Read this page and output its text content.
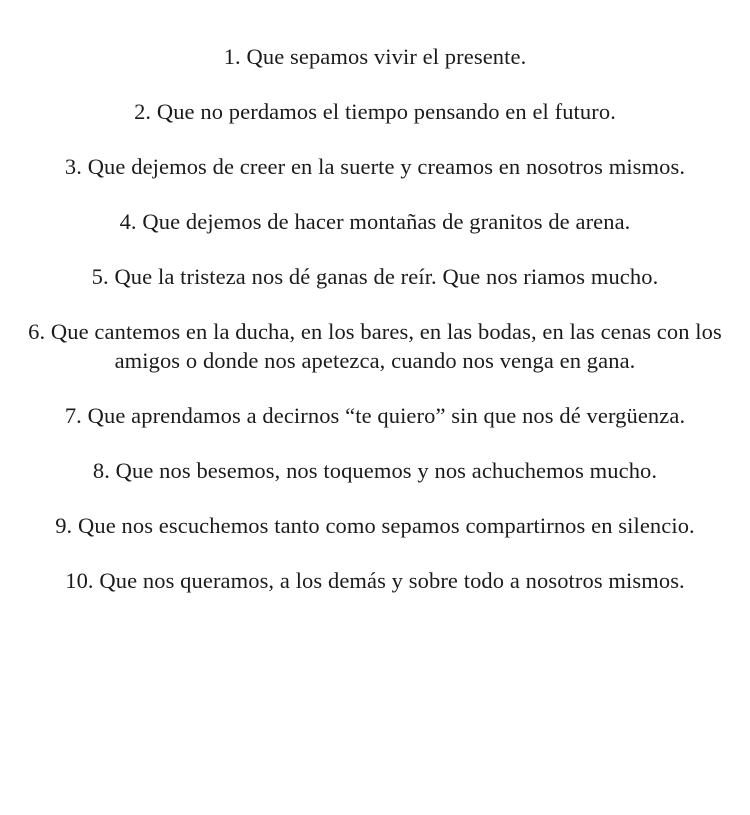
1. Que sepamos vivir el presente.
2. Que no perdamos el tiempo pensando en el futuro.
3. Que dejemos de creer en la suerte y creamos en nosotros mismos.
4. Que dejemos de hacer montañas de granitos de arena.
5. Que la tristeza nos dé ganas de reír. Que nos riamos mucho.
6. Que cantemos en la ducha, en los bares, en las bodas, en las cenas con los amigos o donde nos apetezca, cuando nos venga en gana.
7. Que aprendamos a decirnos “te quiero” sin que nos dé vergüenza.
8. Que nos besemos, nos toquemos y nos achuchemos mucho.
9. Que nos escuchemos tanto como sepamos compartirnos en silencio.
10. Que nos queramos, a los demás y sobre todo a nosotros mismos.
